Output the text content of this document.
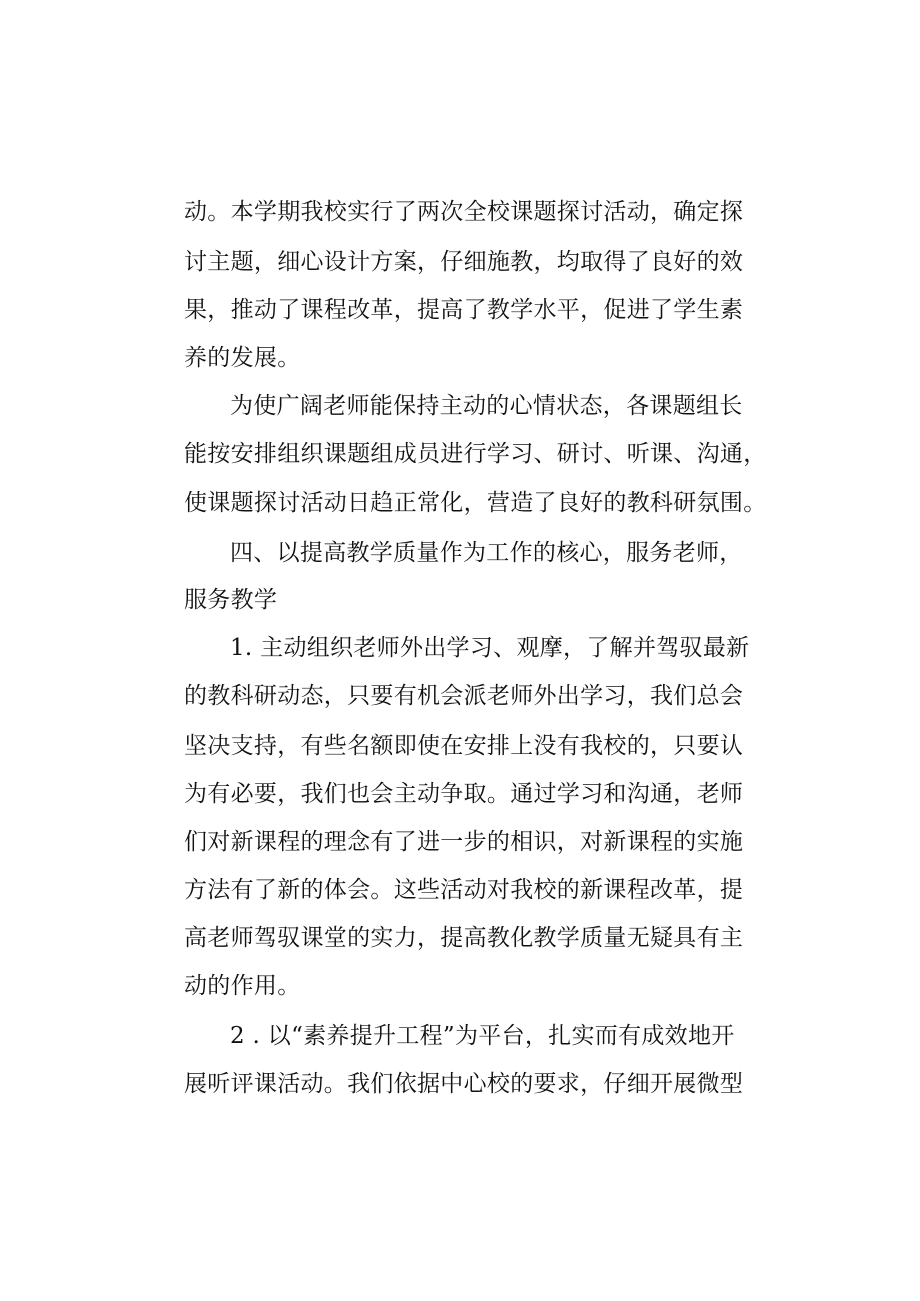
动。本学期我校实行了两次全校课题探讨活动，确定探
讨主题，细心设计方案，仔细施教，均取得了良好的效
果，推动了课程改革，提高了教学水平，促进了学生素
养的发展。
为使广阔老师能保持主动的心情状态，各课题组长
能按安排组织课题组成员进行学习、研讨、听课、沟通，
使课题探讨活动日趋正常化，营造了良好的教科研氛围。
四、以提高教学质量作为工作的核心，服务老师，
服务教学
1. 主动组织老师外出学习、观摩，了解并驾驭最新
的教科研动态，只要有机会派老师外出学习，我们总会
坚决支持，有些名额即使在安排上没有我校的，只要认
为有必要，我们也会主动争取。通过学习和沟通，老师
们对新课程的理念有了进一步的相识，对新课程的实施
方法有了新的体会。这些活动对我校的新课程改革，提
高老师驾驭课堂的实力，提高教化教学质量无疑具有主
动的作用。
2 . 以“素养提升工程”为平台，扎实而有成效地开
展听评课活动。我们依据中心校的要求，仔细开展微型
